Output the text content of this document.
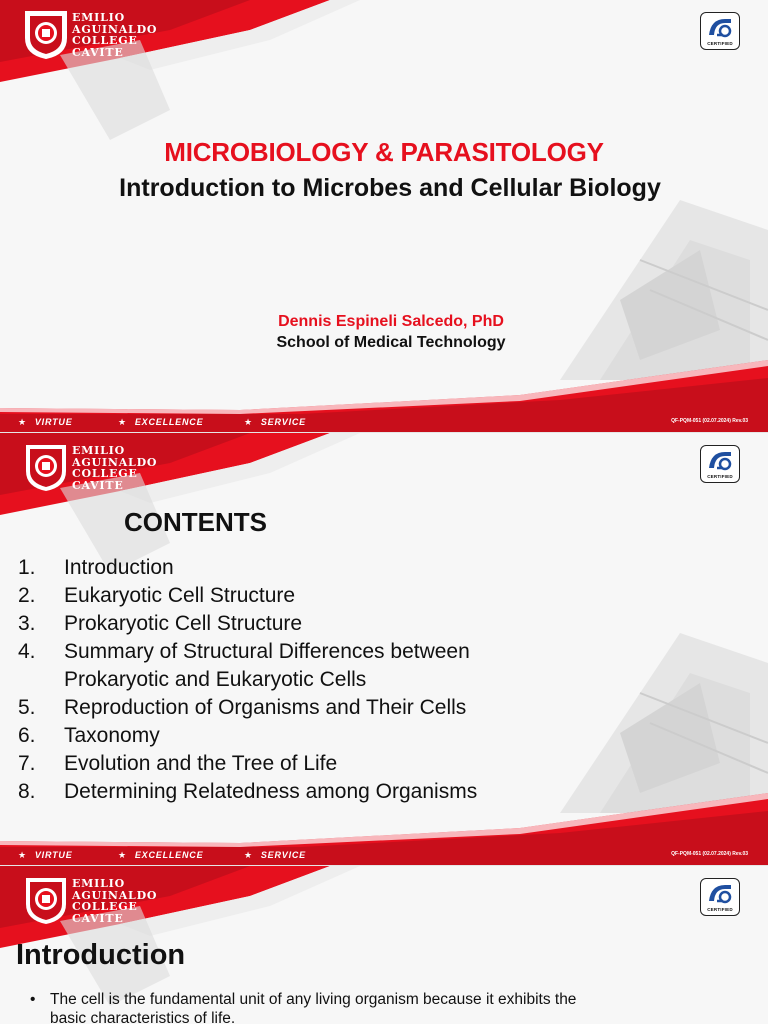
EMILIO
AGUINALDO
COLLEGE
CAVITE
CERTIFIED
MICROBIOLOGY & PARASITOLOGY
Introduction to Microbes and Cellular Biology
Dennis Espineli Salcedo, PhD
School of Medical Technology
★ VIRTUE	★ EXCELLENCE	★ SERVICE	QF-PQM-051 (02.07.2024) Rev.03
EMILIO
AGUINALDO
COLLEGE
CAVITE
CERTIFIED
CONTENTS
1.	Introduction
2.	Eukaryotic Cell Structure
3.	Prokaryotic Cell Structure
4.	Summary of Structural Differences between
Prokaryotic and Eukaryotic Cells
5.	Reproduction of Organisms and Their Cells
6.	Taxonomy
7.	Evolution and the Tree of Life
8.	Determining Relatedness among Organisms
★ VIRTUE	★ EXCELLENCE	★ SERVICE	QF-PQM-051 (02.07.2024) Rev.03
EMILIO
AGUINALDO
COLLEGE
CAVITE
CERTIFIED
Introduction
• The cell is the fundamental unit of any living organism because it exhibits the
basic characteristics of life.
